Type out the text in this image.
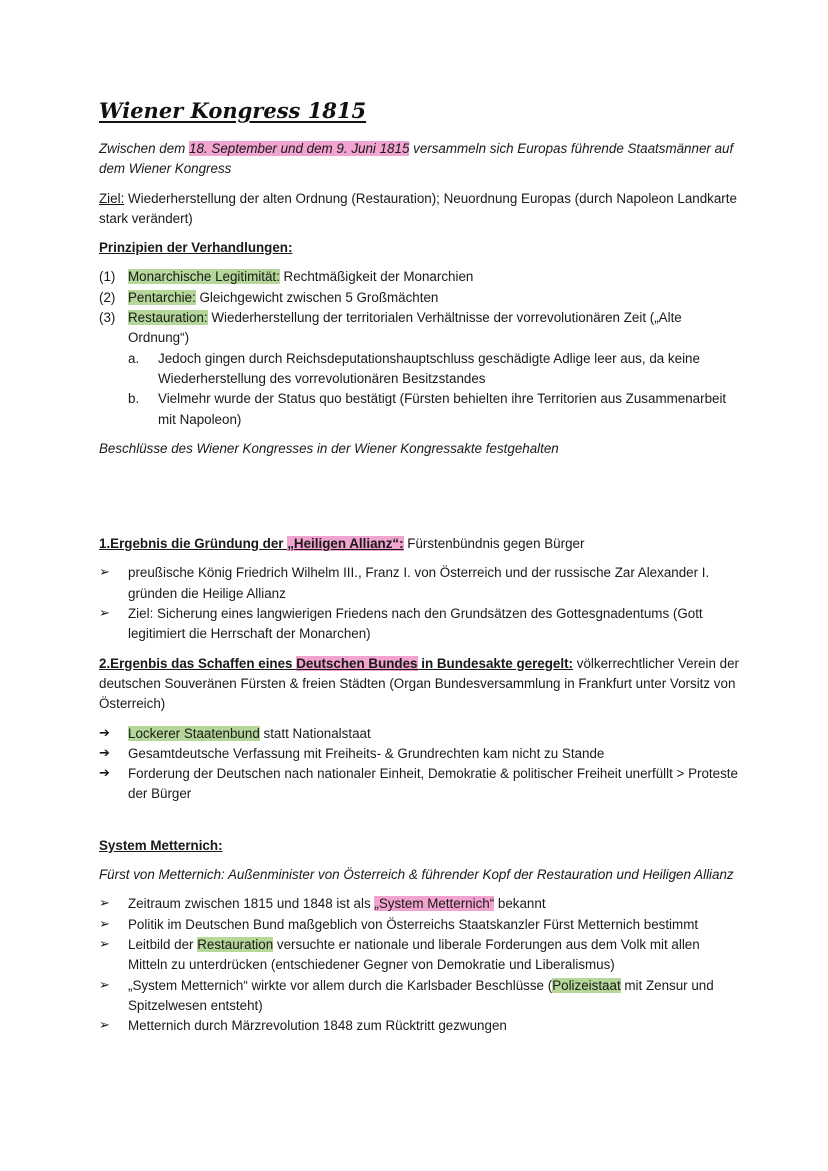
Wiener Kongress 1815

Zwischen dem 18. September und dem 9. Juni 1815 versammeln sich Europas führende Staatsmänner auf dem Wiener Kongress

Ziel: Wiederherstellung der alten Ordnung (Restauration); Neuordnung Europas (durch Napoleon Landkarte stark verändert)

Prinzipien der Verhandlungen:

(1) Monarchische Legitimität: Rechtmäßigkeit der Monarchien
(2) Pentarchie: Gleichgewicht zwischen 5 Großmächten
(3) Restauration: Wiederherstellung der territorialen Verhältnisse der vorrevolutionären Zeit („Alte Ordnung“)
a.	Jedoch gingen durch Reichsdeputationshauptschluss geschädigte Adlige leer aus, da keine Wiederherstellung des vorrevolutionären Besitzstandes
b.	Vielmehr wurde der Status quo bestätigt (Fürsten behielten ihre Territorien aus Zusammenarbeit mit Napoleon)

Beschlüsse des Wiener Kongresses in der Wiener Kongressakte festgehalten

1.Ergebnis die Gründung der „Heiligen Allianz“: Fürstenbündnis gegen Bürger

➢	preußische König Friedrich Wilhelm III., Franz I. von Österreich und der russische Zar Alexander I. gründen die Heilige Allianz
➢	Ziel: Sicherung eines langwierigen Friedens nach den Grundsätzen des Gottesgnadentums (Gott legitimiert die Herrschaft der Monarchen)

2.Ergenbis das Schaffen eines Deutschen Bundes in Bundesakte geregelt: völkerrechtlicher Verein der deutschen Souveränen Fürsten & freien Städten (Organ Bundesversammlung in Frankfurt unter Vorsitz von Österreich)

➔	Lockerer Staatenbund statt Nationalstaat
➔	Gesamtdeutsche Verfassung mit Freiheits- & Grundrechten kam nicht zu Stande
➔	Forderung der Deutschen nach nationaler Einheit, Demokratie & politischer Freiheit unerfüllt > Proteste der Bürger

System Metternich:

Fürst von Metternich: Außenminister von Österreich & führender Kopf der Restauration und Heiligen Allianz

➢	Zeitraum zwischen 1815 und 1848 ist als „System Metternich“ bekannt
➢	Politik im Deutschen Bund maßgeblich von Österreichs Staatskanzler Fürst Metternich bestimmt
➢	Leitbild der Restauration versuchte er nationale und liberale Forderungen aus dem Volk mit allen Mitteln zu unterdrücken (entschiedener Gegner von Demokratie und Liberalismus)
➢	„System Metternich“ wirkte vor allem durch die Karlsbader Beschlüsse (Polizeistaat mit Zensur und Spitzelwesen entsteht)
➢	Metternich durch Märzrevolution 1848 zum Rücktritt gezwungen
